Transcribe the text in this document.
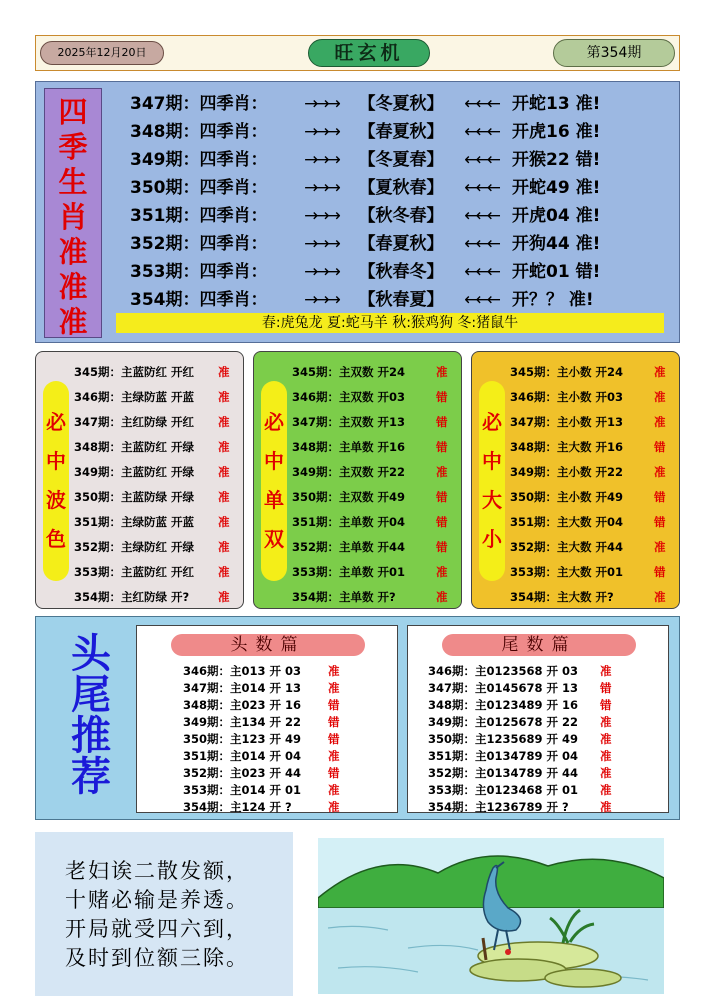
2025年12月20日	旺玄机	第354期
四
季
生
肖
准
准
准
347期：四季肖： →→→ 【冬夏秋】 ←←← 开蛇13 准!
348期：四季肖： →→→ 【春夏秋】 ←←← 开虎16 准!
349期：四季肖： →→→ 【冬夏春】 ←←← 开猴22 错!
350期：四季肖： →→→ 【夏秋春】 ←←← 开蛇49 准!
351期：四季肖： →→→ 【秋冬春】 ←←← 开虎04 准!
352期：四季肖： →→→ 【春夏秋】 ←←← 开狗44 准!
353期：四季肖： →→→ 【秋春冬】 ←←← 开蛇01 错!
354期：四季肖： →→→ 【秋春夏】 ←←← 开？？ 准!
春:虎兔龙 夏:蛇马羊 秋:猴鸡狗 冬:猪鼠牛
必
中
波
色
345期：主蓝防红 开红 准
346期：主绿防蓝 开蓝 准
347期：主红防绿 开红 准
348期：主蓝防红 开绿 准
349期：主蓝防红 开绿 准
350期：主蓝防绿 开绿 准
351期：主绿防蓝 开蓝 准
352期：主绿防红 开绿 准
353期：主蓝防红 开红 准
354期：主红防绿 开?	准
必
中
单
双
345期：主双数 开24	准
346期：主双数 开03	错
347期：主双数 开13	错
348期：主单数 开16	错
349期：主双数 开22	准
350期：主双数 开49	错
351期：主单数 开04	错
352期：主单数 开44	错
353期：主单数 开01	准
354期：主单数 开?	准
必
中
大
小
345期：主小数 开24	准
346期：主小数 开03	准
347期：主小数 开13	准
348期：主大数 开16	错
349期：主小数 开22	准
350期：主小数 开49	错
351期：主大数 开04	错
352期：主大数 开44	准
353期：主大数 开01	错
354期：主大数 开?	准
头
尾
推
荐
头数篇
346期：主013 开 03 准
347期：主014 开 13 准
348期：主023 开 16 错
349期：主134 开 22 错
350期：主123 开 49 错
351期：主014 开 04 准
352期：主023 开 44 错
353期：主014 开 01 准
354期：主124 开 ?	准
尾数篇
346期：主0123568 开 03 准
347期：主0145678 开 13 错
348期：主0123489 开 16 错
349期：主0125678 开 22 准
350期：主1235689 开 49 准
351期：主0134789 开 04 准
352期：主0134789 开 44 准
353期：主0123468 开 01 准
354期：主1236789 开 ?	准
老妇诶二散发额，
十赌必输是养透。
开局就受四六到，
及时到位额三除。
